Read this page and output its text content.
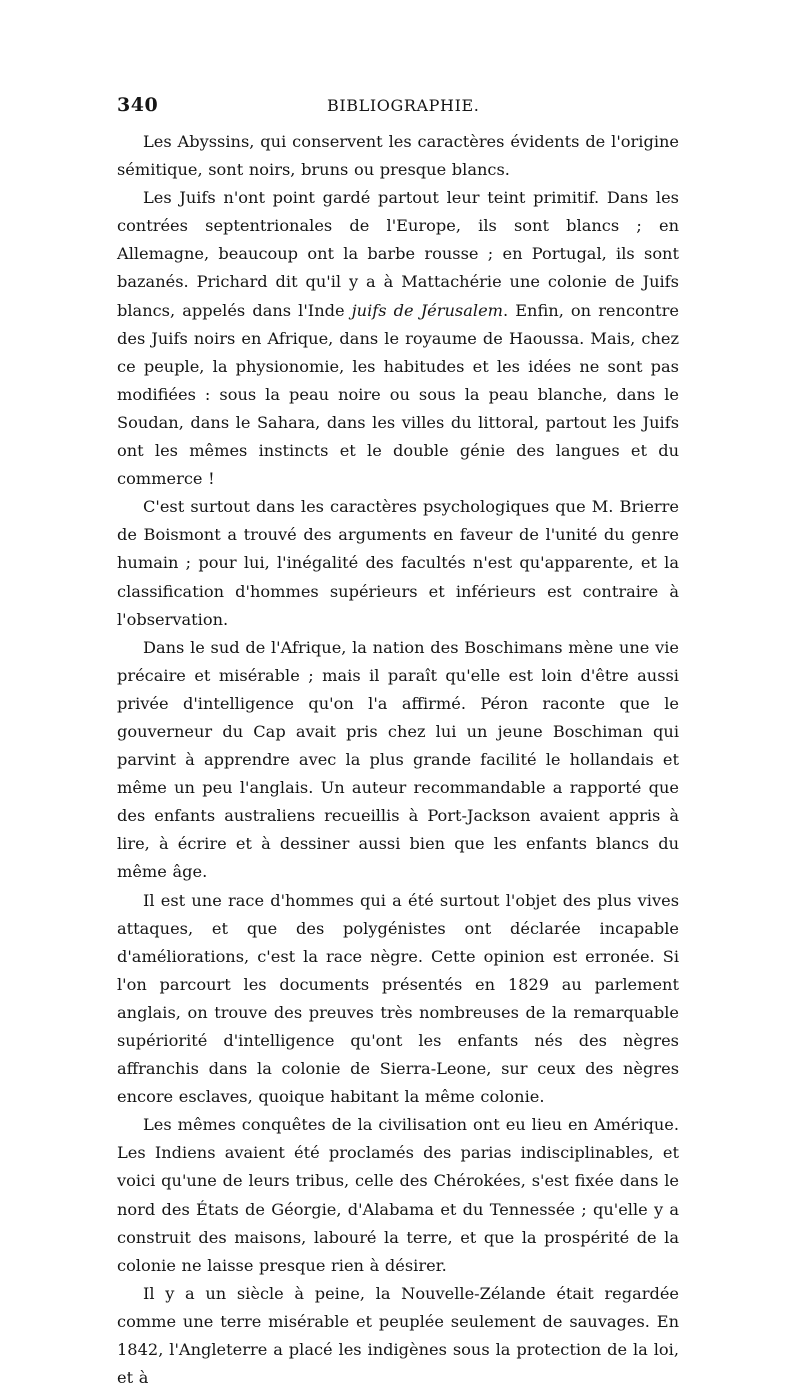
340	BIBLIOGRAPHIE.

Les Abyssins, qui conservent les caractères évidents de l'origine sémitique, sont noirs, bruns ou presque blancs.

Les Juifs n'ont point gardé partout leur teint primitif. Dans les contrées septentrionales de l'Europe, ils sont blancs ; en Allemagne, beaucoup ont la barbe rousse ; en Portugal, ils sont bazanés. Prichard dit qu'il y a à Mattachérie une colonie de Juifs blancs, appelés dans l'Inde juifs de Jérusalem. Enfin, on rencontre des Juifs noirs en Afrique, dans le royaume de Haoussa. Mais, chez ce peuple, la physionomie, les habitudes et les idées ne sont pas modifiées : sous la peau noire ou sous la peau blanche, dans le Soudan, dans le Sahara, dans les villes du littoral, partout les Juifs ont les mêmes instincts et le double génie des langues et du commerce !

C'est surtout dans les caractères psychologiques que M. Brierre de Boismont a trouvé des arguments en faveur de l'unité du genre humain ; pour lui, l'inégalité des facultés n'est qu'apparente, et la classification d'hommes supérieurs et inférieurs est contraire à l'observation.

Dans le sud de l'Afrique, la nation des Boschimans mène une vie précaire et misérable ; mais il paraît qu'elle est loin d'être aussi privée d'intelligence qu'on l'a affirmé. Péron raconte que le gouverneur du Cap avait pris chez lui un jeune Boschiman qui parvint à apprendre avec la plus grande facilité le hollandais et même un peu l'anglais. Un auteur recommandable a rapporté que des enfants australiens recueillis à Port-Jackson avaient appris à lire, à écrire et à dessiner aussi bien que les enfants blancs du même âge.

Il est une race d'hommes qui a été surtout l'objet des plus vives attaques, et que des polygénistes ont déclarée incapable d'améliorations, c'est la race nègre. Cette opinion est erronée. Si l'on parcourt les documents présentés en 1829 au parlement anglais, on trouve des preuves très nombreuses de la remarquable supériorité d'intelligence qu'ont les enfants nés des nègres affranchis dans la colonie de Sierra-Leone, sur ceux des nègres encore esclaves, quoique habitant la même colonie.

Les mêmes conquêtes de la civilisation ont eu lieu en Amérique. Les Indiens avaient été proclamés des parias indisciplinables, et voici qu'une de leurs tribus, celle des Chérokées, s'est fixée dans le nord des États de Géorgie, d'Alabama et du Tennessée ; qu'elle y a construit des maisons, labouré la terre, et que la prospérité de la colonie ne laisse presque rien à désirer.

Il y a un siècle à peine, la Nouvelle-Zélande était regardée comme une terre misérable et peuplée seulement de sauvages. En 1842, l'Angleterre a placé les indigènes sous la protection de la loi, et à
